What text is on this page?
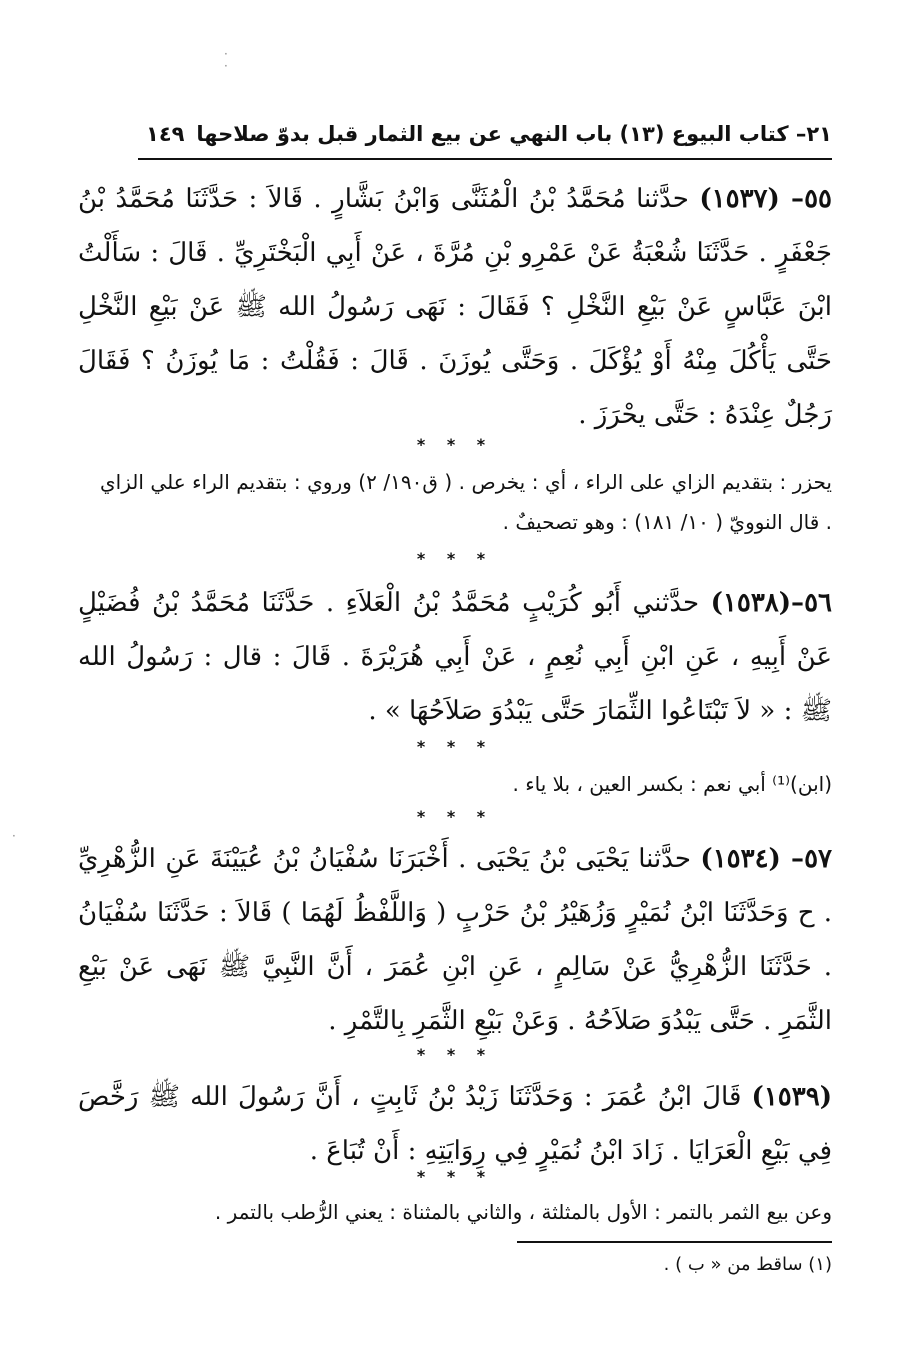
·
·
·
٢١– كتاب البيوع (١٣) باب النهي عن بيع الثمار قبل بدوّ صلاحها
١٤٩
٥٥– (١٥٣٧) حدَّثنا مُحَمَّدُ بْنُ الْمُثَنَّى وَابْنُ بَشَّارٍ . قَالاَ : حَدَّثَنَا مُحَمَّدُ بْنُ جَعْفَرٍ . حَدَّثَنَا شُعْبَةُ عَنْ عَمْرِو بْنِ مُرَّةَ ، عَنْ أَبِي الْبَخْتَرِيِّ . قَالَ : سَأَلْتُ ابْنَ عَبَّاسٍ عَنْ بَيْعِ النَّخْلِ ؟ فَقَالَ : نَهَى رَسُولُ الله ﷺ عَنْ بَيْعِ النَّخْلِ حَتَّى يَأْكُلَ مِنْهُ أَوْ يُؤْكَلَ . وَحَتَّى يُوزَنَ . قَالَ : فَقُلْتُ : مَا يُوزَنُ ؟ فَقَالَ رَجُلٌ عِنْدَهُ : حَتَّى يحْرَزَ .
* * *
يحزر : بتقديم الزاي على الراء ، أي : يخرص . ( ق١٩٠/ ٢) وروي : بتقديم الراء علي الزاي . قال النوويّ ( ١٠/ ١٨١) : وهو تصحيفٌ .
* * *
٥٦–(١٥٣٨) حدَّثني أَبُو كُرَيْبٍ مُحَمَّدُ بْنُ الْعَلاَءِ . حَدَّثَنَا مُحَمَّدُ بْنُ فُضَيْلٍ عَنْ أَبِيهِ ، عَنِ ابْنِ أَبِي نُعِمٍ ، عَنْ أَبِي هُرَيْرَةَ . قَالَ : قال : رَسُولُ الله ﷺ : « لاَ تَبْتَاعُوا الثِّمَارَ حَتَّى يَبْدُوَ صَلاَحُهَا » .
* * *
(ابن)⁽¹⁾ أبي نعم : بكسر العين ، بلا ياء .
* * *
٥٧– (١٥٣٤) حدَّثنا يَحْيَى بْنُ يَحْيَى . أَخْبَرَنَا سُفْيَانُ بْنُ عُيَيْنَةَ عَنِ الزُّهْرِيِّ . ح وَحَدَّثَنَا ابْنُ نُمَيْرٍ وَزُهَيْرُ بْنُ حَرْبٍ ( وَاللَّفْظُ لَهُمَا ) قَالاَ : حَدَّثَنَا سُفْيَانُ . حَدَّثَنَا الزُّهْرِيُّ عَنْ سَالِمٍ ، عَنِ ابْنِ عُمَرَ ، أَنَّ النَّبِيَّ ﷺ نَهَى عَنْ بَيْعِ الثَّمَرِ . حَتَّى يَبْدُوَ صَلاَحُهُ . وَعَنْ بَيْعِ الثَّمَرِ بِالتَّمْرِ .
* * *
(١٥٣٩) قَالَ ابْنُ عُمَرَ : وَحَدَّثَنَا زَيْدُ بْنُ ثَابِتٍ ، أَنَّ رَسُولَ الله ﷺ رَخَّصَ فِي بَيْعِ الْعَرَايَا . زَادَ ابْنُ نُمَيْرٍ فِي رِوَايَتِهِ : أَنْ تُبَاعَ .
* * *
وعن بيع الثمر بالتمر : الأول بالمثلثة ، والثاني بالمثناة : يعني الرُّطب بالتمر .
(١) ساقط من « ب ) .
